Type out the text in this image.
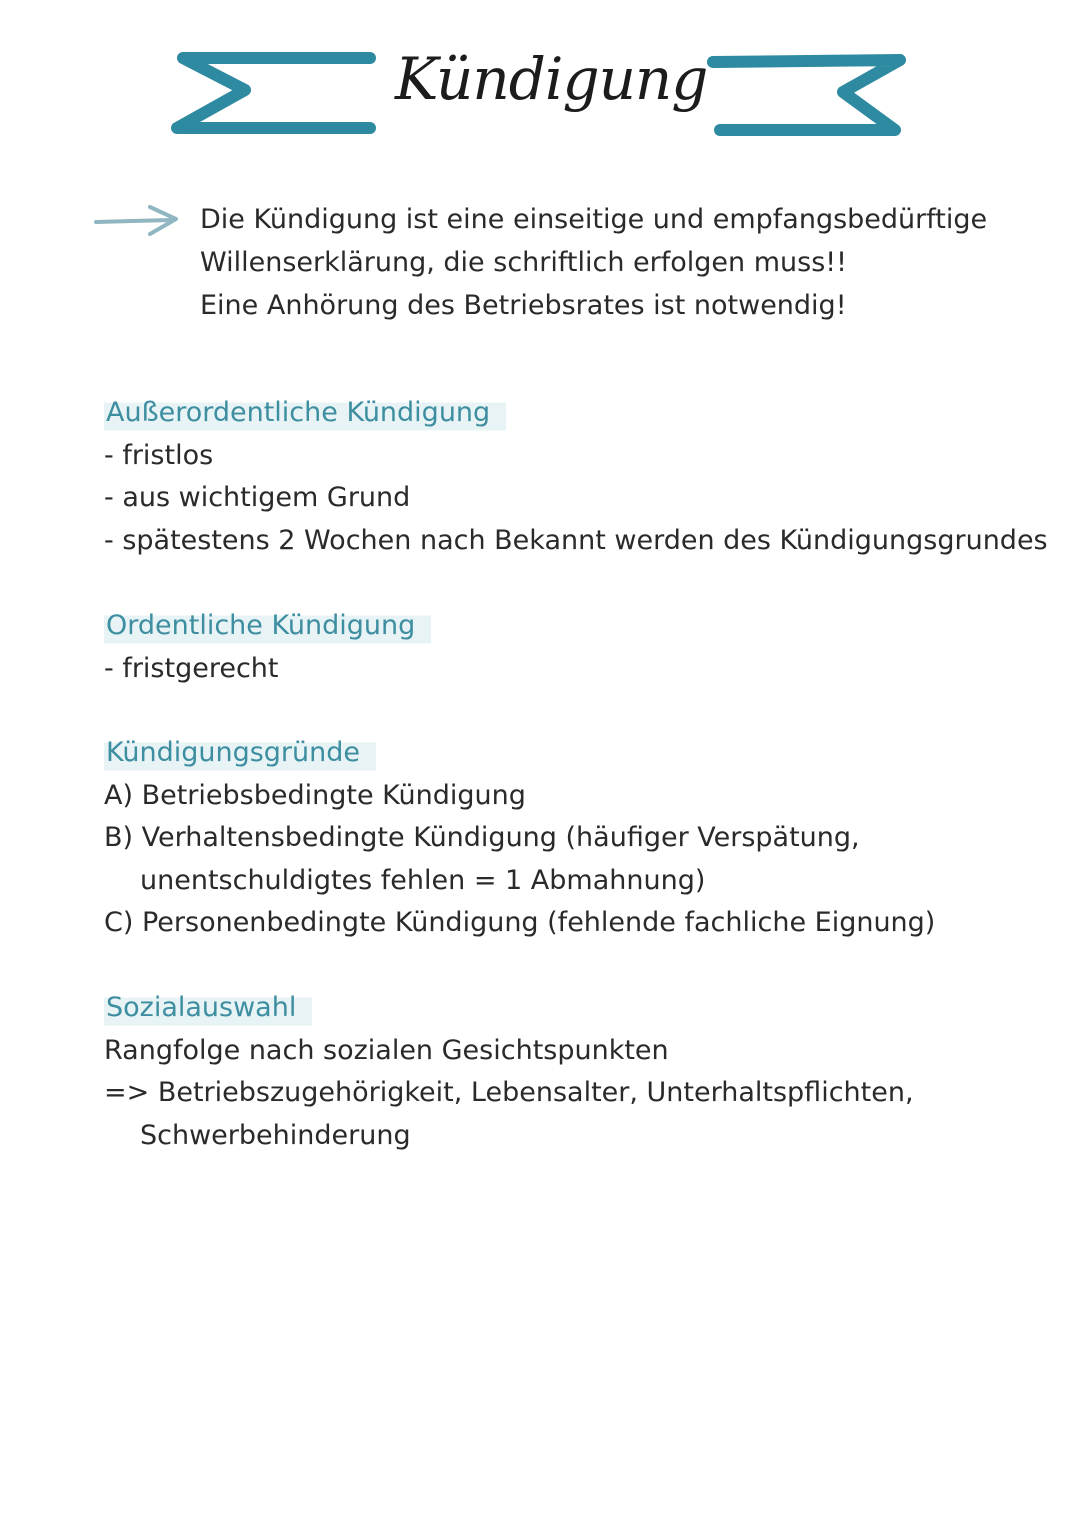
Kündigung
Die Kündigung ist eine einseitige und empfangsbedürftige
Willenserklärung, die schriftlich erfolgen muss!!
Eine Anhörung des Betriebsrates ist notwendig!
Außerordentliche Kündigung
- fristlos
- aus wichtigem Grund
- spätestens 2 Wochen nach Bekannt werden des Kündigungsgrundes
Ordentliche Kündigung
- fristgerecht
Kündigungsgründe
A) Betriebsbedingte Kündigung
B) Verhaltensbedingte Kündigung (häufiger Verspätung,
unentschuldigtes fehlen = 1 Abmahnung)
C) Personenbedingte Kündigung (fehlende fachliche Eignung)
Sozialauswahl
Rangfolge nach sozialen Gesichtspunkten
=> Betriebszugehörigkeit, Lebensalter, Unterhaltspflichten,
Schwerbehinderung
